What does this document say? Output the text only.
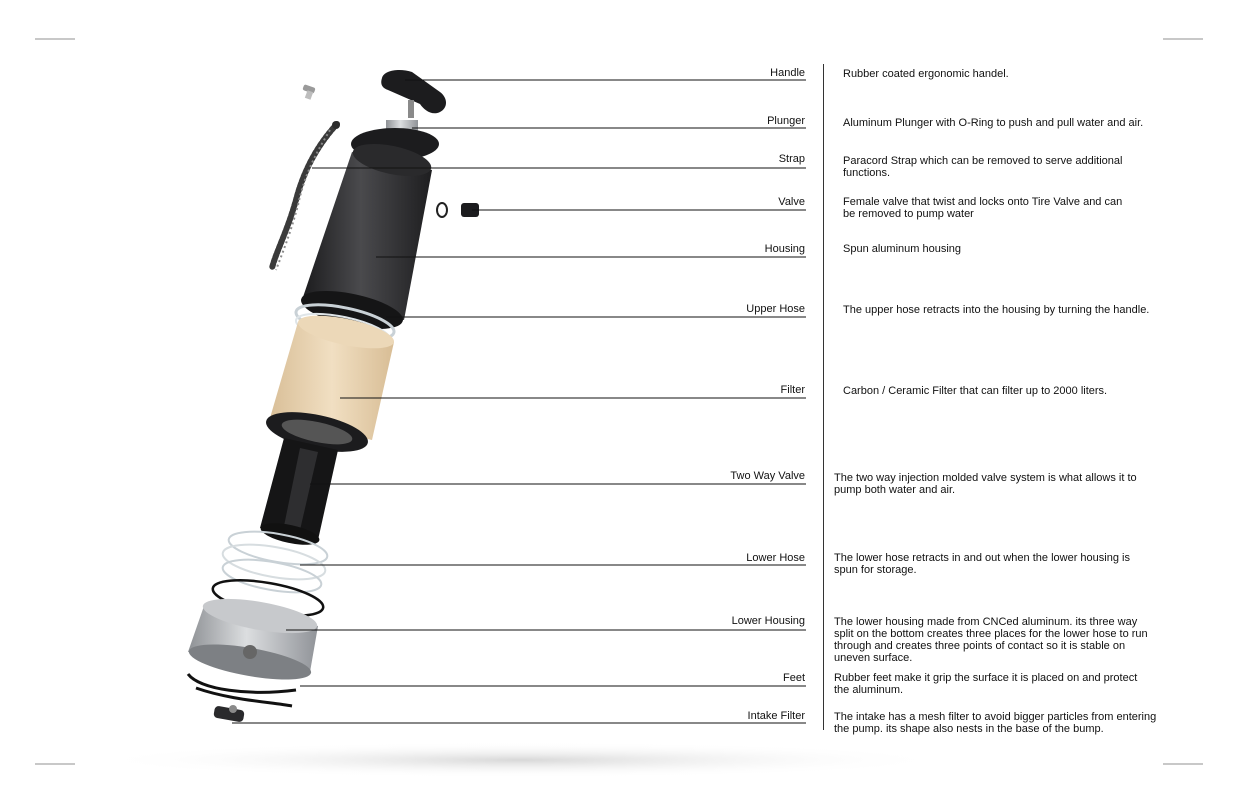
Handle
Plunger
Strap
Valve
Housing
Upper Hose
Filter
Two Way Valve
Lower Hose
Lower Housing
Feet
Intake Filter
Rubber coated ergonomic handel.
Aluminum Plunger with O-Ring to push and pull water and air.
Paracord Strap which can be removed to serve additional functions.
Female valve that twist and locks onto Tire Valve and can be removed to pump water
Spun aluminum housing
The upper hose retracts into the housing by turning the handle.
Carbon / Ceramic Filter that can filter up to 2000 liters.
The two way injection molded valve system is what allows it to pump both water and air.
The lower hose retracts in and out when the lower housing is spun for storage.
The lower housing made from CNCed aluminum. its three way split on the bottom creates three places for the lower hose to run through and creates three points of contact so it is stable on uneven surface.
Rubber feet make it grip the surface it is placed on and protect the aluminum.
The intake has a mesh filter to avoid bigger particles from entering the pump. its shape also nests in the base of the bump.
